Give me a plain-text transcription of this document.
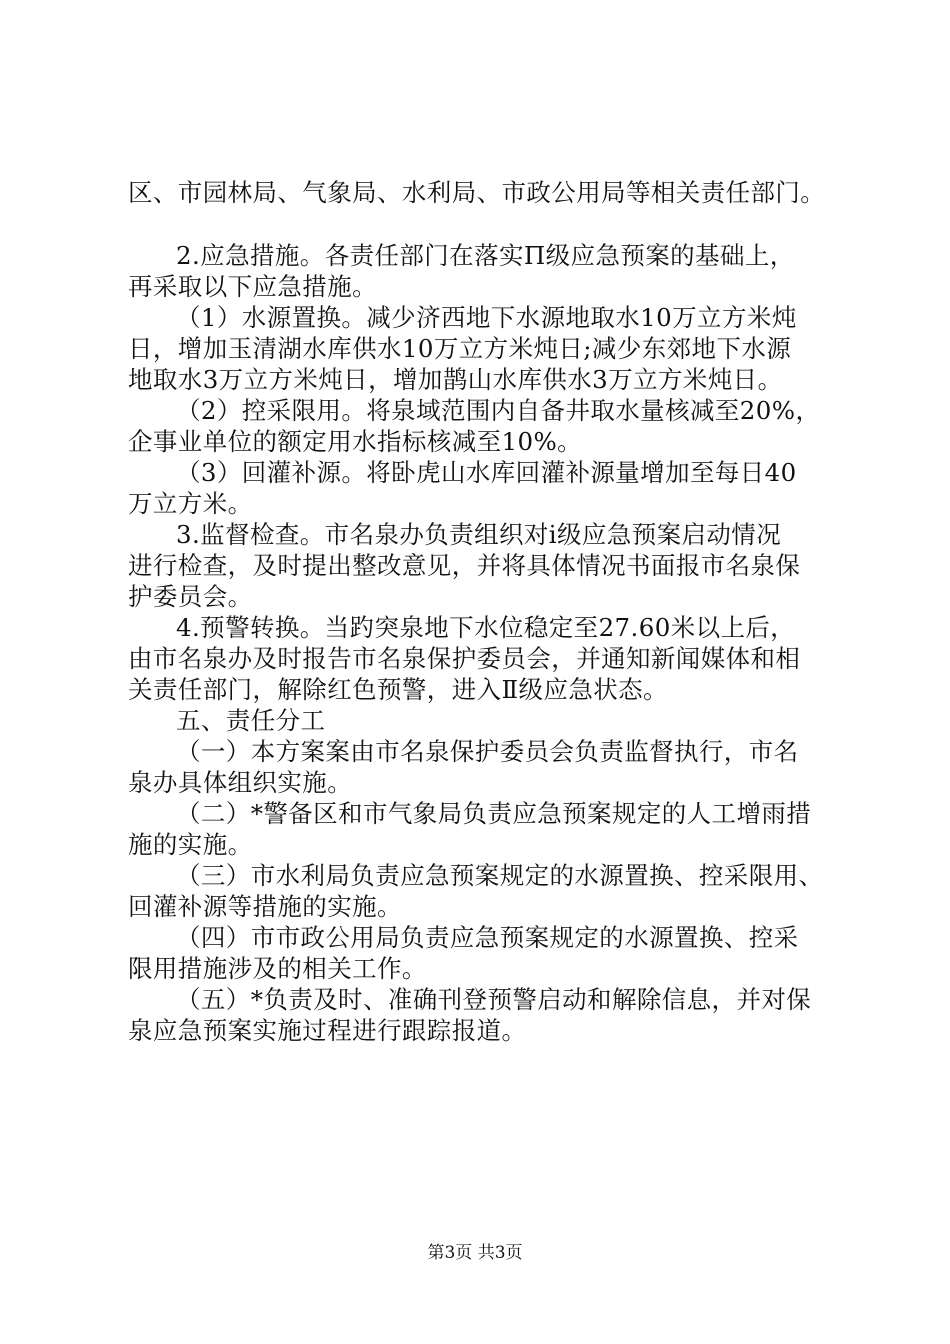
区、市园林局、气象局、水利局、市政公用局等相关责任部门。
2.应急措施。各责任部门在落实Π级应急预案的基础上，
再采取以下应急措施。
（1）水源置换。减少济西地下水源地取水10万立方米炖
日，增加玉清湖水库供水10万立方米炖日;减少东郊地下水源
地取水3万立方米炖日，增加鹊山水库供水3万立方米炖日。
（2）控采限用。将泉域范围内自备井取水量核减至20%，
企事业单位的额定用水指标核减至10%。
（3）回灌补源。将卧虎山水库回灌补源量增加至每日40
万立方米。
3.监督检查。市名泉办负责组织对ⅰ级应急预案启动情况
进行检查，及时提出整改意见，并将具体情况书面报市名泉保
护委员会。
4.预警转换。当趵突泉地下水位稳定至27.60米以上后，
由市名泉办及时报告市名泉保护委员会，并通知新闻媒体和相
关责任部门，解除红色预警，进入Ⅱ级应急状态。
五、责任分工
（一）本方案案由市名泉保护委员会负责监督执行，市名
泉办具体组织实施。
（二）*警备区和市气象局负责应急预案规定的人工增雨措
施的实施。
（三）市水利局负责应急预案规定的水源置换、控采限用、
回灌补源等措施的实施。
（四）市市政公用局负责应急预案规定的水源置换、控采
限用措施涉及的相关工作。
（五）*负责及时、准确刊登预警启动和解除信息，并对保
泉应急预案实施过程进行跟踪报道。
第3页 共3页
